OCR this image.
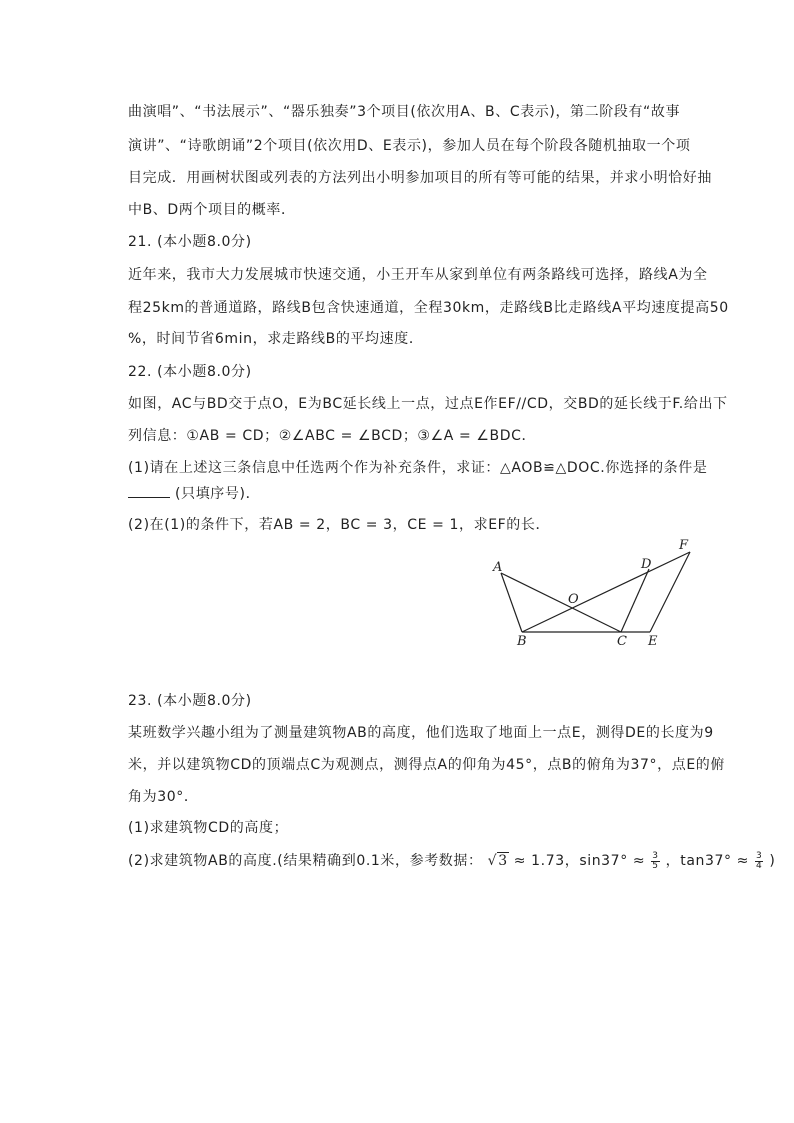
曲演唱”、“书法展示”、“器乐独奏”3个项目(依次用A、B、C表示)，第二阶段有“故事
演讲”、“诗歌朗诵”2个项目(依次用D、E表示)，参加人员在每个阶段各随机抽取一个项
目完成．用画树状图或列表的方法列出小明参加项目的所有等可能的结果，并求小明恰好抽
中B、D两个项目的概率．
21. (本小题8.0分)
近年来，我市大力发展城市快速交通，小王开车从家到单位有两条路线可选择，路线A为全
程25km的普通道路，路线B包含快速通道，全程30km，走路线B比走路线A平均速度提高50
%，时间节省6min，求走路线B的平均速度．
22. (本小题8.0分)
如图，AC与BD交于点O，E为BC延长线上一点，过点E作EF//CD，交BD的延长线于F.给出下
列信息：①AB = CD；②∠ABC = ∠BCD；③∠A = ∠BDC．
(1)请在上述这三条信息中任选两个作为补充条件，求证：△AOB≌△DOC.你选择的条件是
(只填序号)．
(2)在(1)的条件下，若AB = 2，BC = 3，CE = 1，求EF的长．
A
B	C
D
E
F
O
23. (本小题8.0分)
某班数学兴趣小组为了测量建筑物AB的高度，他们选取了地面上一点E，测得DE的长度为9
米，并以建筑物CD的顶端点C为观测点，测得点A的仰角为45°，点B的俯角为37°，点E的俯
角为30°．
(1)求建筑物CD的高度；
(2)求建筑物AB的高度.(结果精确到0.1米，参考数据： √3 ≈ 1.73，$\sin 37^\circ \approx \frac{3}{5}$ ，$\tan 37^\circ \approx \frac{3}{4}$ )
